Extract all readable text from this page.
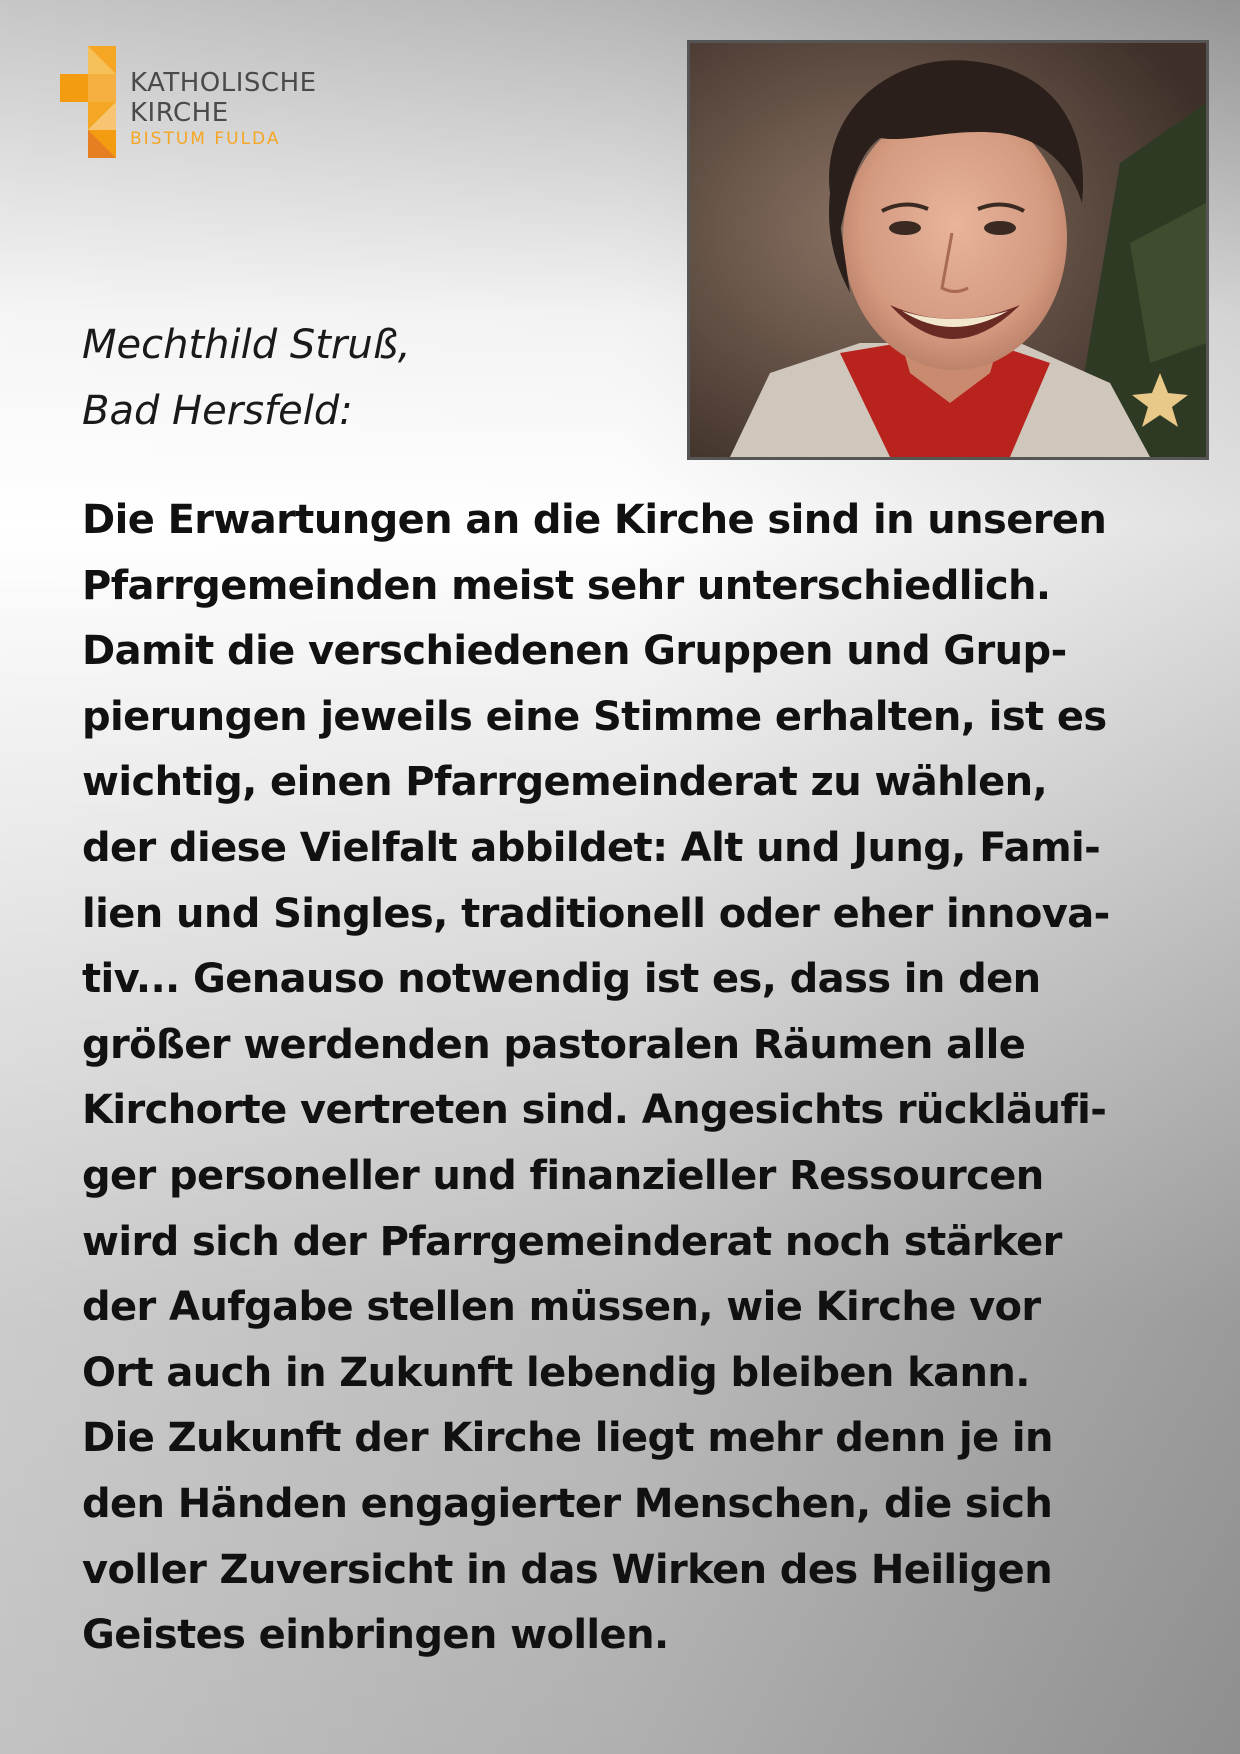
KATHOLISCHE
KIRCHE
BISTUM FULDA
Mechthild Struß,
Bad Hersfeld:
Die Erwartungen an die Kirche sind in unseren
Pfarrgemeinden meist sehr unterschiedlich.
Damit die verschiedenen Gruppen und Grup-
pierungen jeweils eine Stimme erhalten, ist es
wichtig, einen Pfarrgemeinderat zu wählen,
der diese Vielfalt abbildet: Alt und Jung, Fami-
lien und Singles, traditionell oder eher innova-
tiv... Genauso notwendig ist es, dass in den
größer werdenden pastoralen Räumen alle
Kirchorte vertreten sind. Angesichts rückläufi-
ger personeller und finanzieller Ressourcen
wird sich der Pfarrgemeinderat noch stärker
der Aufgabe stellen müssen, wie Kirche vor
Ort auch in Zukunft lebendig bleiben kann.
Die Zukunft der Kirche liegt mehr denn je in
den Händen engagierter Menschen, die sich
voller Zuversicht in das Wirken des Heiligen
Geistes einbringen wollen.
